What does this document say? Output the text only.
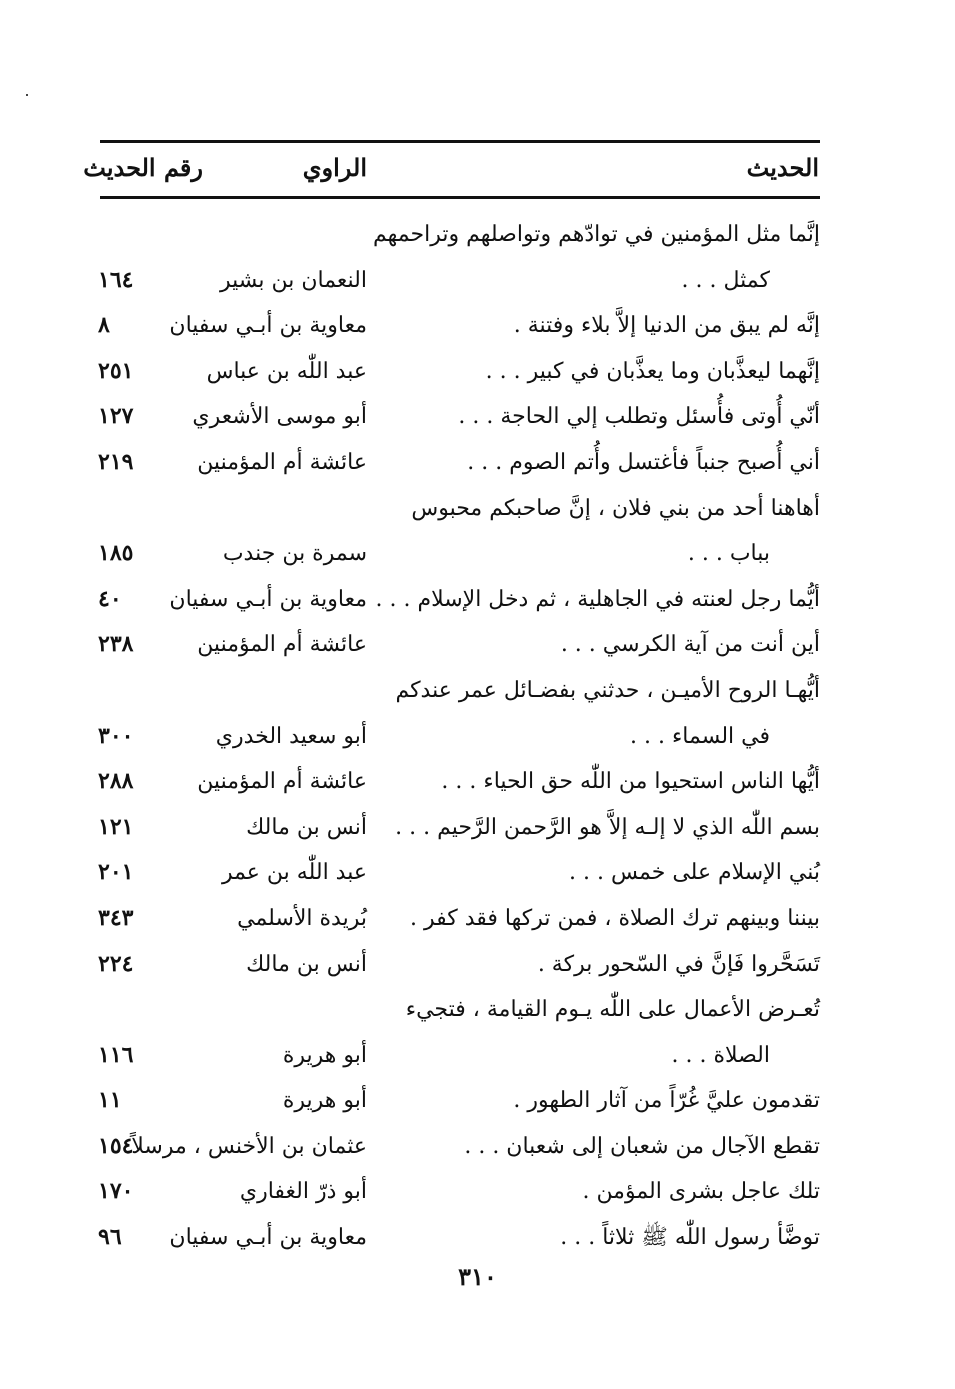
الحديث
الراوي
رقم الحديث
إنَّما مثل المؤمنين في توادّهم وتواصلهم وتراحمهم
كمثل . . .
النعمان بن بشير
١٦٤
إنَّه لم يبق من الدنيا إلاَّ بلاء وفتنة .
معاوية بن أبـي سفيان
٨
إنَّهما ليعذَّبان وما يعذَّبان في كبير . . .
عبد اللّٰه بن عباس
٢٥١
أنّي أُوتى فأُسئل وتطلب إلي الحاجة . . .
أبو موسى الأشعري
١٢٧
أني أُصبح جنباً فأغتسل وأُتم الصوم . . .
عائشة أم المؤمنين
٢١٩
أهاهنا أحد من بني فلان ، إنَّ صاحبكم محبوس
بباب . . .
سمرة بن جندب
١٨٥
أيُّما رجل لعنته في الجاهلية ، ثم دخل الإسلام . . .
معاوية بن أبـي سفيان
٤٠
أين أنت من آية الكرسي . . .
عائشة أم المؤمنين
٢٣٨
أيُّهـا الروح الأميـن ، حدثني بفضـائل عمر عندكم
في السماء . . .
أبو سعيد الخدري
٣٠٠
أيُّها الناس استحيوا من اللّٰه حق الحياء . . .
عائشة أم المؤمنين
٢٨٨
بسم اللّٰه الذي لا إلـه إلاَّ هو الرَّحمن الرَّحيم . . .
أنس بن مالك
١٢١
بُني الإسلام على خمس . . .
عبد اللّٰه بن عمر
٢٠١
بيننا وبينهم ترك الصلاة ، فمن تركها فقد كفر .
بُريدة الأسلمي
٣٤٣
تَسَحَّروا فَإنَّ في السّحور بركة .
أنس بن مالك
٢٢٤
تُعـرض الأعمال على اللّٰه يـوم القيامة ، فتجيء
الصلاة . . .
أبو هريرة
١١٦
تقدمون عليَّ غُرّاً من آثار الطهور .
أبو هريرة
١١
تقطع الآجال من شعبان إلى شعبان . . .
عثمان بن الأخنس ، مرسلاً
١٥٤
تلك عاجل بشرى المؤمن .
أبو ذرّ الغفاري
١٧٠
توضَّأ رسول اللّٰه ﷺ ثلاثاً . . .
معاوية بن أبـي سفيان
٩٦
٣١٠
